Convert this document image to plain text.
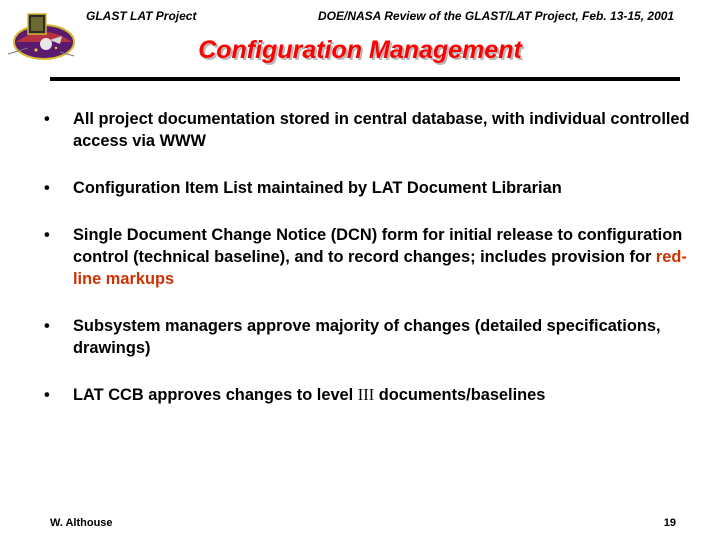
GLAST LAT Project	DOE/NASA Review of the GLAST/LAT Project, Feb. 13-15, 2001
Configuration Management
• All project documentation stored in central database, with individual controlled access via WWW
• Configuration Item List maintained by LAT Document Librarian
• Single Document Change Notice (DCN) form for initial release to configuration control (technical baseline), and to record changes; includes provision for red-line markups
• Subsystem managers approve majority of changes (detailed specifications, drawings)
• LAT CCB approves changes to level III documents/baselines
W. Althouse	19
